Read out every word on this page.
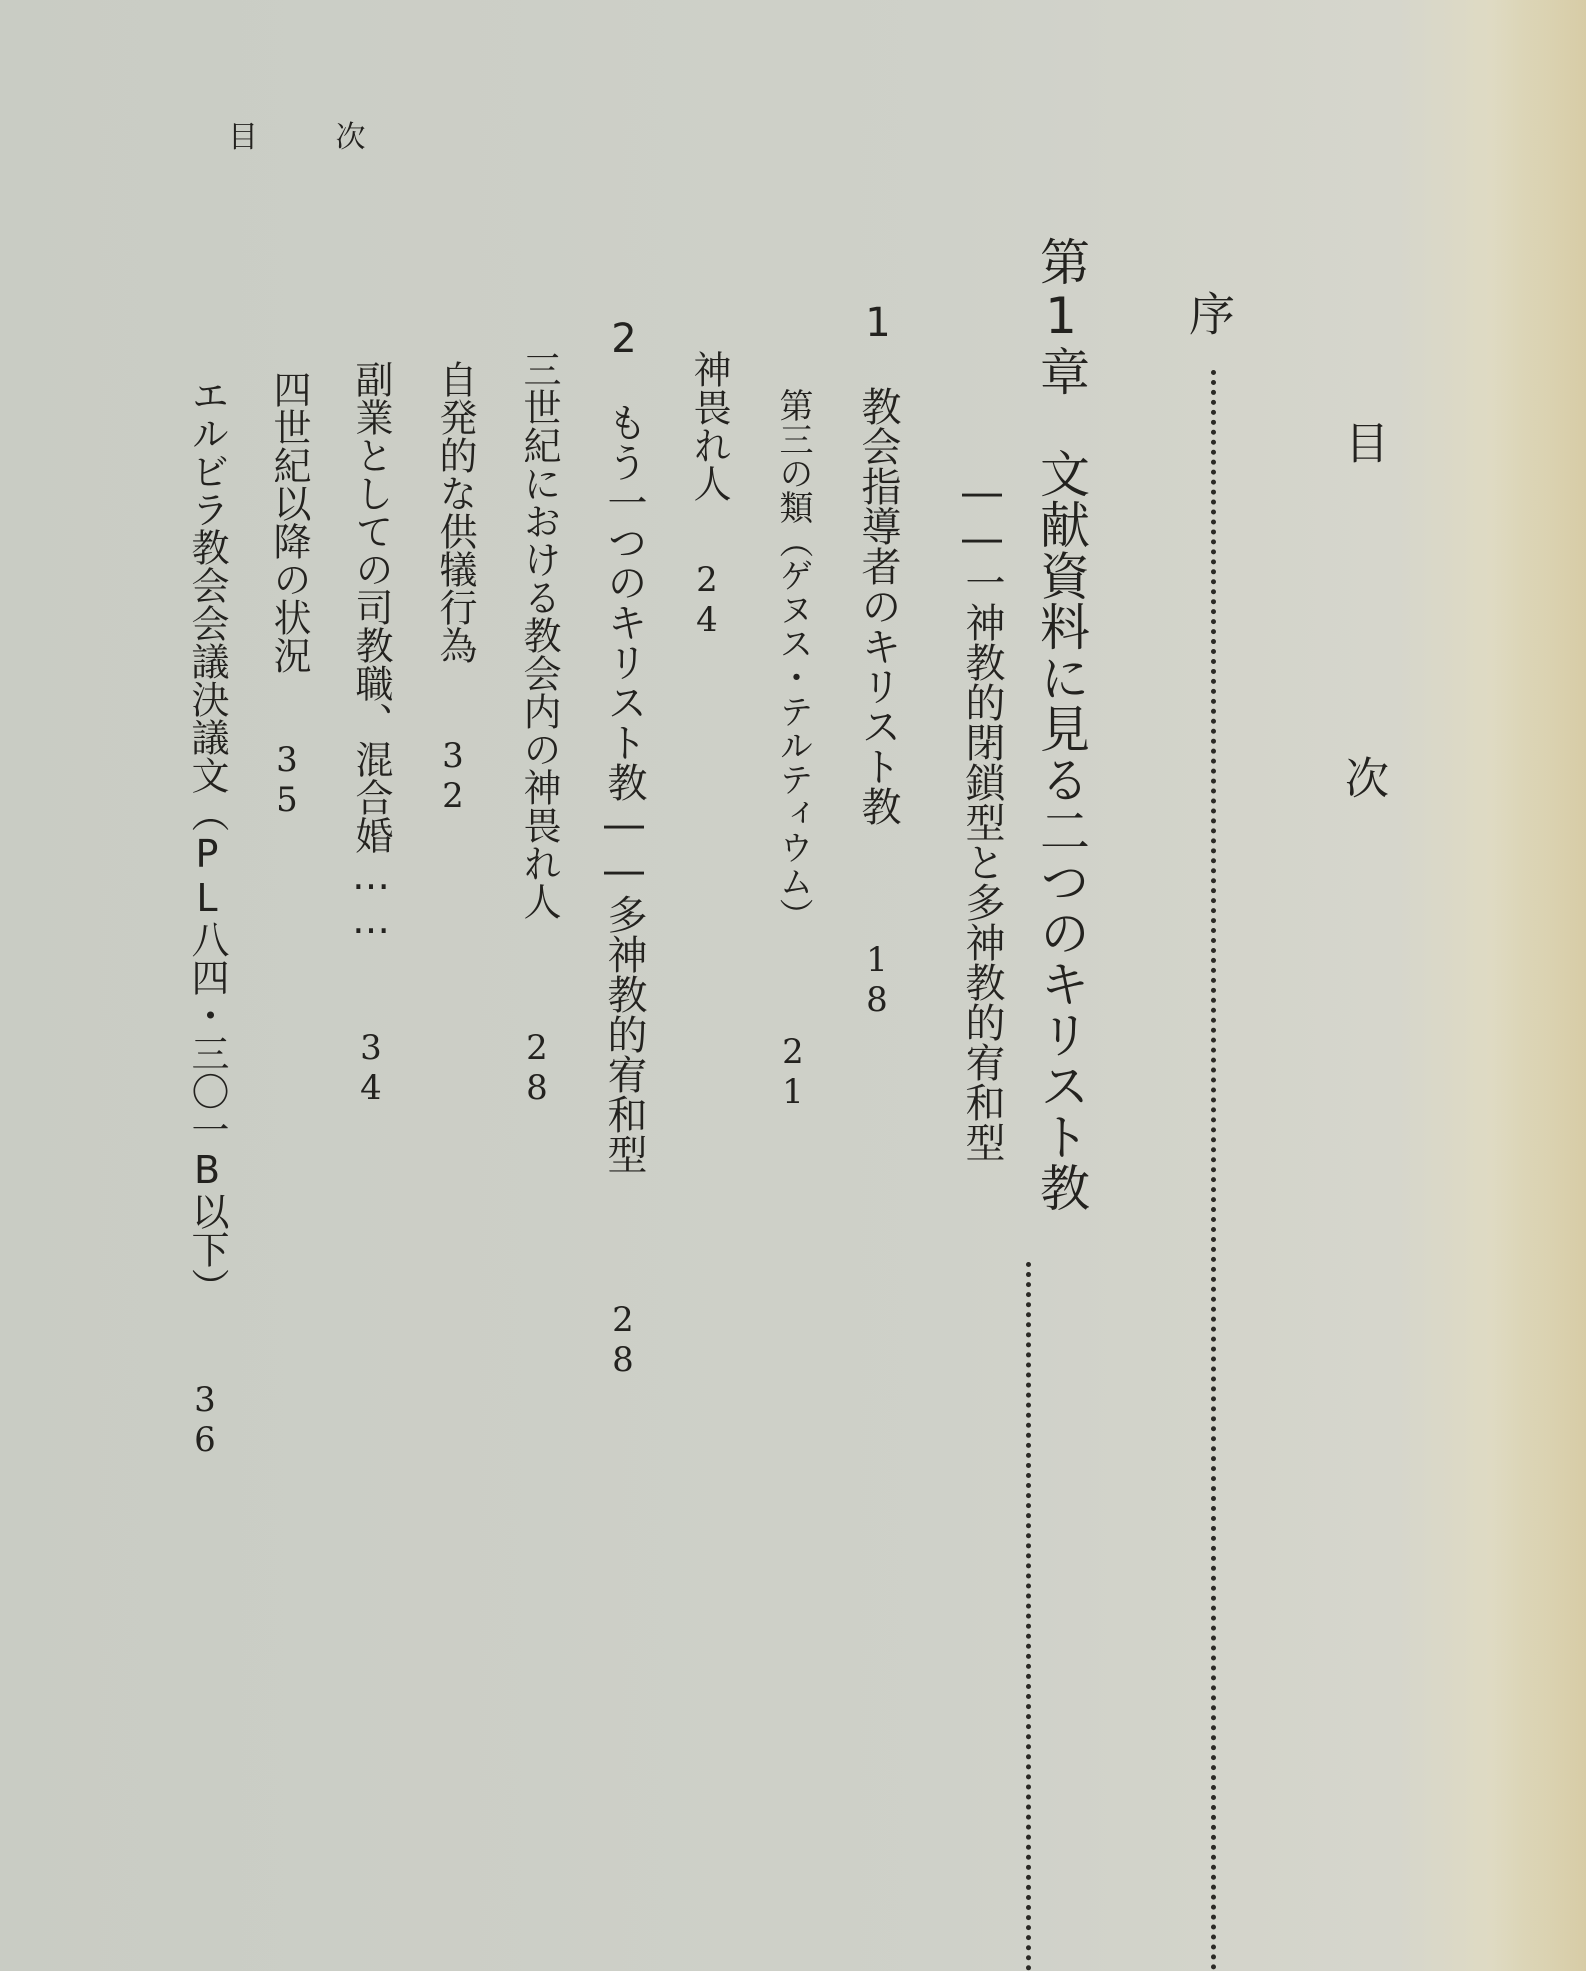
目 次
目 次
序
第1章　文献資料に見る二つのキリスト教
――一神教的閉鎖型と多神教的宥和型
1　教会指導者のキリスト教
18
第三の類（ゲヌス・テルティウム）
21
神畏れ人
24
2　もう一つのキリスト教――多神教的宥和型
28
三世紀における教会内の神畏れ人
28
自発的な供犠行為
32
副業としての司教職、混合婚……
34
四世紀以降の状況
35
エルビラ教会会議決議文（PL八四・三〇一B以下）
36
